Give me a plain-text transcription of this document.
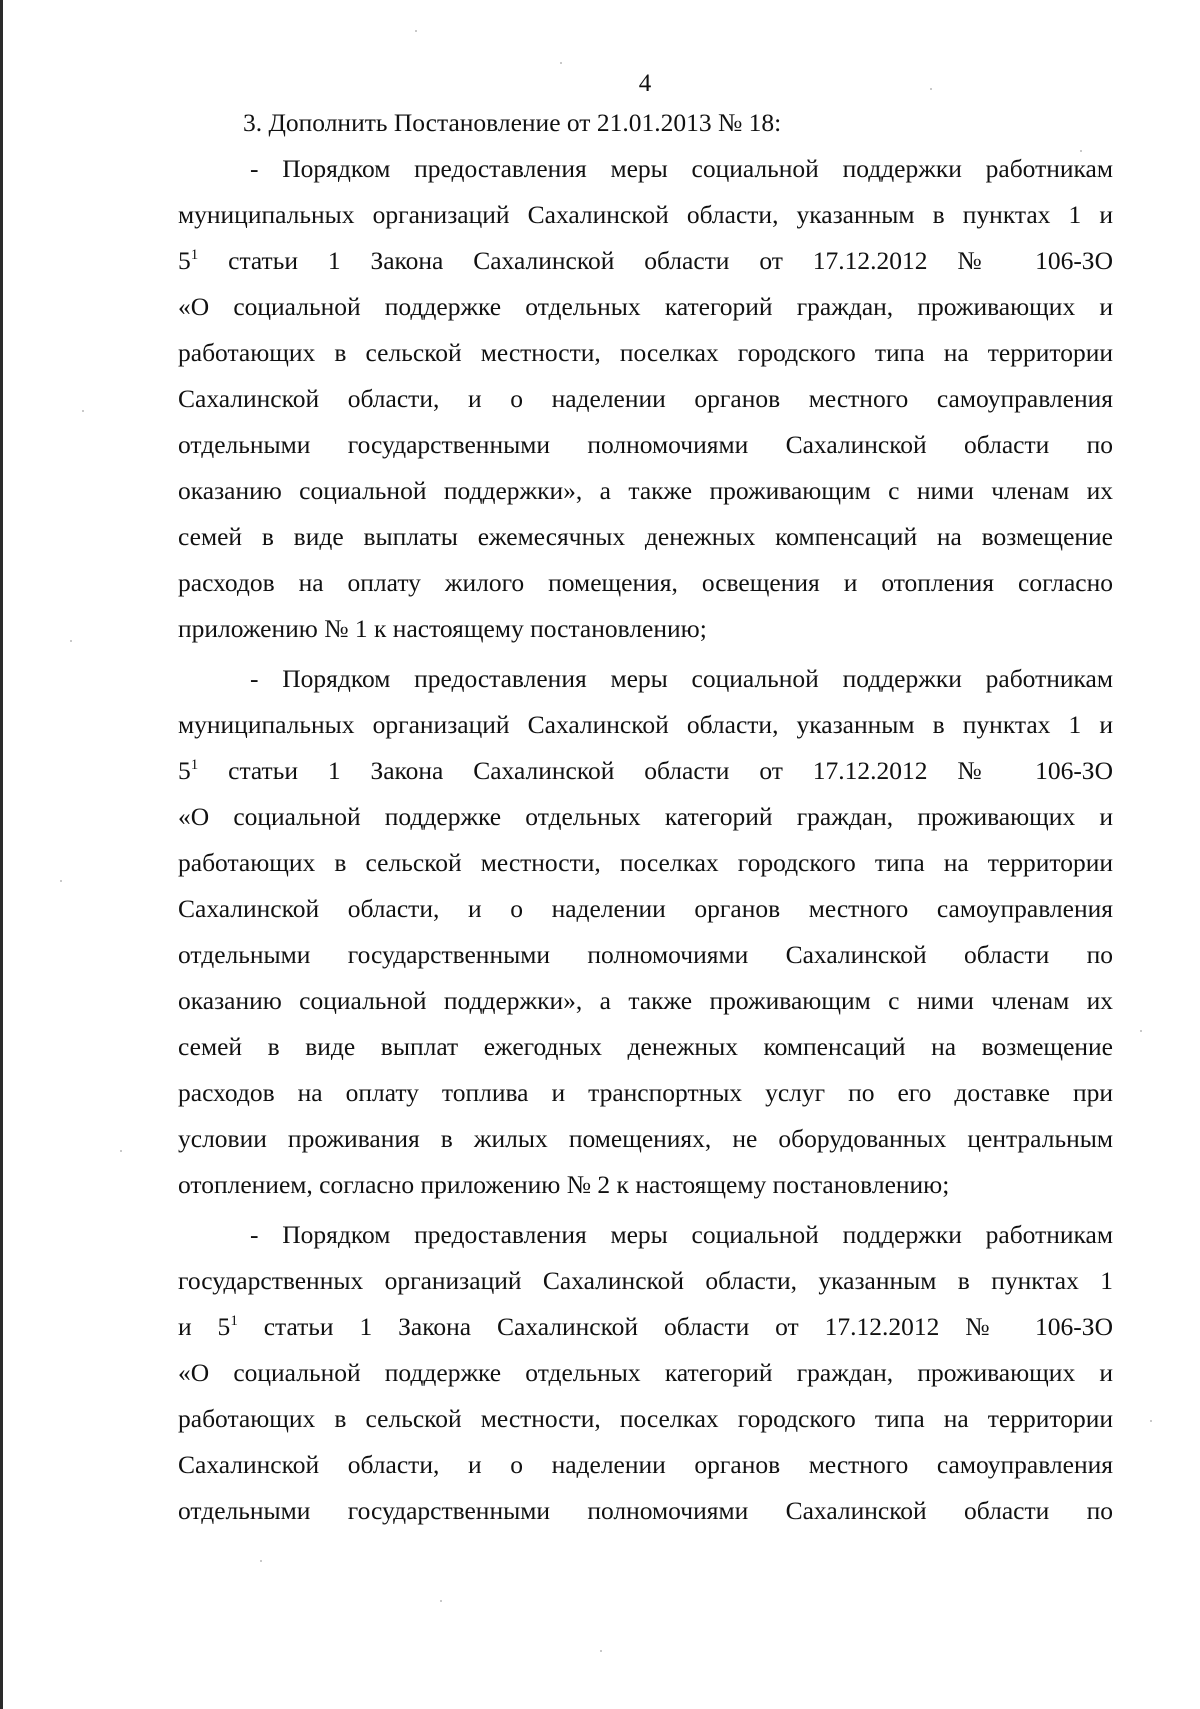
4
3. Дополнить Постановление от 21.01.2013 № 18:
- Порядком предоставления меры социальной поддержки работникам
муниципальных организаций Сахалинской области, указанным в пунктах 1 и
$5^1$ статьи 1 Закона Сахалинской области от 17.12.2012 № 106-ЗО
«О социальной поддержке отдельных категорий граждан, проживающих и
работающих в сельской местности, поселках городского типа на территории
Сахалинской области, и о наделении органов местного самоуправления
отдельными государственными полномочиями Сахалинской области по
оказанию социальной поддержки», а также проживающим с ними членам их
семей в виде выплаты ежемесячных денежных компенсаций на возмещение
расходов на оплату жилого помещения, освещения и отопления согласно
приложению № 1 к настоящему постановлению;
- Порядком предоставления меры социальной поддержки работникам
муниципальных организаций Сахалинской области, указанным в пунктах 1 и
$5^1$ статьи 1 Закона Сахалинской области от 17.12.2012 № 106-ЗО
«О социальной поддержке отдельных категорий граждан, проживающих и
работающих в сельской местности, поселках городского типа на территории
Сахалинской области, и о наделении органов местного самоуправления
отдельными государственными полномочиями Сахалинской области по
оказанию социальной поддержки», а также проживающим с ними членам их
семей в виде выплат ежегодных денежных компенсаций на возмещение
расходов на оплату топлива и транспортных услуг по его доставке при
условии проживания в жилых помещениях, не оборудованных центральным
отоплением, согласно приложению № 2 к настоящему постановлению;
- Порядком предоставления меры социальной поддержки работникам
государственных организаций Сахалинской области, указанным в пунктах 1
и $5^1$ статьи 1 Закона Сахалинской области от 17.12.2012 № 106-ЗО
«О социальной поддержке отдельных категорий граждан, проживающих и
работающих в сельской местности, поселках городского типа на территории
Сахалинской области, и о наделении органов местного самоуправления
отдельными государственными полномочиями Сахалинской области по
